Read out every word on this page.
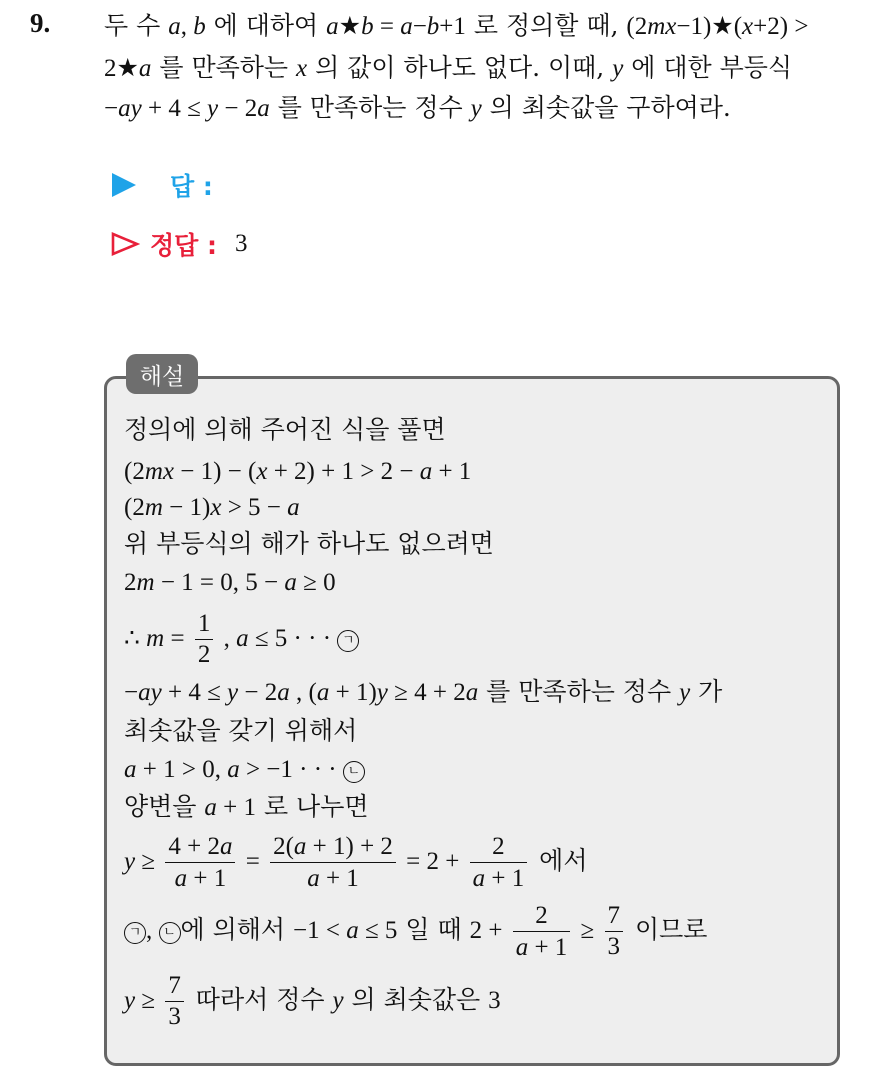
9. 두 수 a, b 에 대하여 a★b = a−b+1 로 정의할 때, (2mx−1)★(x+2) >
2★a 를 만족하는 x 의 값이 하나도 없다. 이때, y 에 대한 부등식
−ay + 4 ≤ y − 2a 를 만족하는 정수 y 의 최솟값을 구하여라.
답 :
정답 : 3
해설
정의에 의해 주어진 식을 풀면
(2mx − 1) − (x + 2) + 1 > 2 − a + 1
(2m − 1)x > 5 − a
위 부등식의 해가 하나도 없으려면
2m − 1 = 0, 5 − a ≥ 0
∴ $m = \frac{1}{2}$ , a ≤ 5 · · · ㄱ
−ay + 4 ≤ y − 2a , (a + 1)y ≥ 4 + 2a 를 만족하는 정수 y 가
최솟값을 갖기 위해서
a + 1 > 0, a > −1 · · · ㄴ
양변을 a + 1 로 나누면
$y \ge \frac{4 + 2a}{a + 1} = \frac{2(a + 1) + 2}{a + 1} = 2 + \frac{2}{a + 1}$ 에서
ㄱ , ㄴ 에 의해서 −1 < a ≤ 5 일 때 $2 + \frac{2}{a + 1} \ge \frac{7}{3}$ 이므로
$y \ge \frac{7}{3}$ 따라서 정수 y 의 최솟값은 3
